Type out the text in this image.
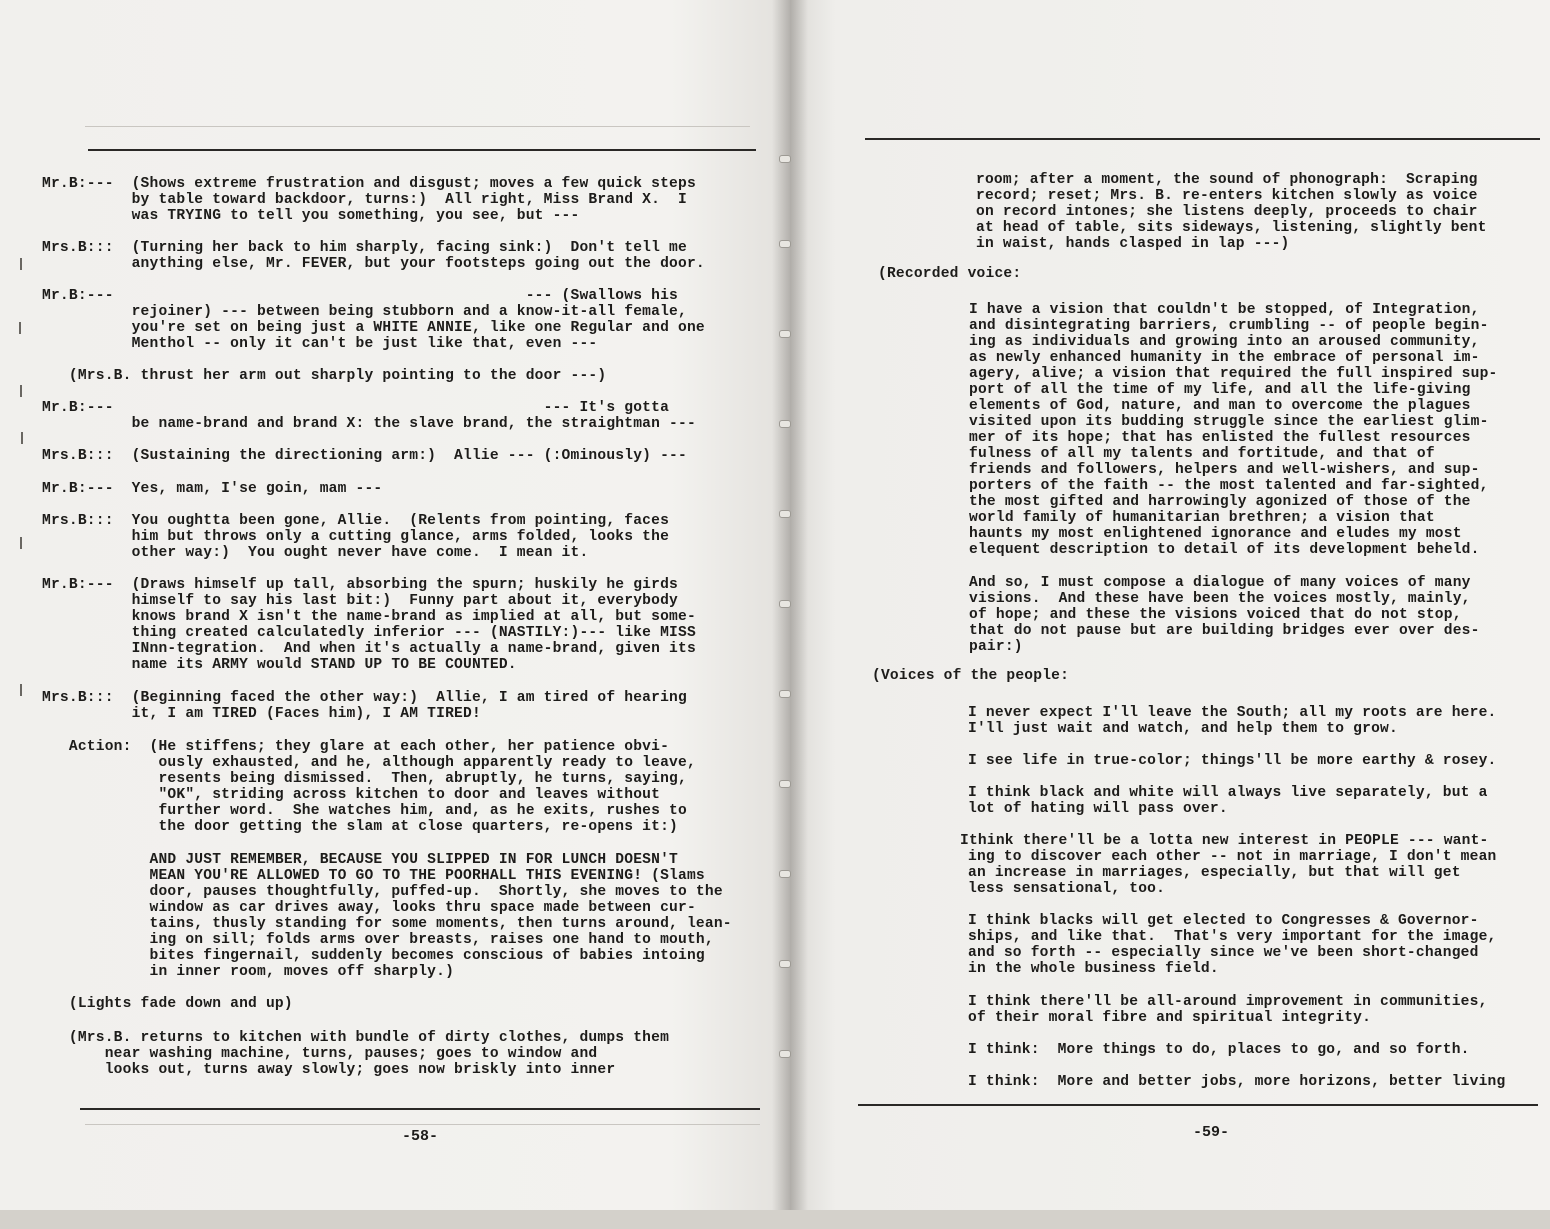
Mr.B:---  (Shows extreme frustration and disgust; moves a few quick steps
by table toward backdoor, turns:)  All right, Miss Brand X.  I
was TRYING to tell you something, you see, but ---
Mrs.B:::  (Turning her back to him sharply, facing sink:)  Don't tell me
anything else, Mr. FEVER, but your footsteps going out the door.
Mr.B:---                                              --- (Swallows his
rejoiner) --- between being stubborn and a know-it-all female,
you're set on being just a WHITE ANNIE, like one Regular and one
Menthol -- only it can't be just like that, even ---
(Mrs.B. thrust her arm out sharply pointing to the door ---)
Mr.B:---                                                --- It's gotta
be name-brand and brand X: the slave brand, the straightman ---
Mrs.B:::  (Sustaining the directioning arm:)  Allie --- (:Ominously) ---
Mr.B:---  Yes, mam, I'se goin, mam ---
Mrs.B:::  You oughtta been gone, Allie.  (Relents from pointing, faces
him but throws only a cutting glance, arms folded, looks the
other way:)  You ought never have come.  I mean it.
Mr.B:---  (Draws himself up tall, absorbing the spurn; huskily he girds
himself to say his last bit:)  Funny part about it, everybody
knows brand X isn't the name-brand as implied at all, but some-
thing created calculatedly inferior --- (NASTILY:)--- like MISS
INnn-tegration.  And when it's actually a name-brand, given its
name its ARMY would STAND UP TO BE COUNTED.
Mrs.B:::  (Beginning faced the other way:)  Allie, I am tired of hearing
it, I am TIRED (Faces him), I AM TIRED!
Action:  (He stiffens; they glare at each other, her patience obvi-
ously exhausted, and he, although apparently ready to leave,
resents being dismissed.  Then, abruptly, he turns, saying,
"OK", striding across kitchen to door and leaves without
further word.  She watches him, and, as he exits, rushes to
the door getting the slam at close quarters, re-opens it:)
AND JUST REMEMBER, BECAUSE YOU SLIPPED IN FOR LUNCH DOESN'T
MEAN YOU'RE ALLOWED TO GO TO THE POORHALL THIS EVENING! (Slams
door, pauses thoughtfully, puffed-up.  Shortly, she moves to the
window as car drives away, looks thru space made between cur-
tains, thusly standing for some moments, then turns around, lean-
ing on sill; folds arms over breasts, raises one hand to mouth,
bites fingernail, suddenly becomes conscious of babies intoing
in inner room, moves off sharply.)
(Lights fade down and up)
(Mrs.B. returns to kitchen with bundle of dirty clothes, dumps them
near washing machine, turns, pauses; goes to window and
looks out, turns away slowly; goes now briskly into inner
-58-
room; after a moment, the sound of phonograph:  Scraping
record; reset; Mrs. B. re-enters kitchen slowly as voice
on record intones; she listens deeply, proceeds to chair
at head of table, sits sideways, listening, slightly bent
in waist, hands clasped in lap ---)
(Recorded voice:
I have a vision that couldn't be stopped, of Integration,
and disintegrating barriers, crumbling -- of people begin-
ing as individuals and growing into an aroused community,
as newly enhanced humanity in the embrace of personal im-
agery, alive; a vision that required the full inspired sup-
port of all the time of my life, and all the life-giving
elements of God, nature, and man to overcome the plagues
visited upon its budding struggle since the earliest glim-
mer of its hope; that has enlisted the fullest resources
fulness of all my talents and fortitude, and that of
friends and followers, helpers and well-wishers, and sup-
porters of the faith -- the most talented and far-sighted,
the most gifted and harrowingly agonized of those of the
world family of humanitarian brethren; a vision that
haunts my most enlightened ignorance and eludes my most
elequent description to detail of its development beheld.
And so, I must compose a dialogue of many voices of many
visions.  And these have been the voices mostly, mainly,
of hope; and these the visions voiced that do not stop,
that do not pause but are building bridges ever over des-
pair:)
(Voices of the people:
I never expect I'll leave the South; all my roots are here.
I'll just wait and watch, and help them to grow.
I see life in true-color; things'll be more earthy & rosey.
I think black and white will always live separately, but a
lot of hating will pass over.
Ithink there'll be a lotta new interest in PEOPLE --- want-
ing to discover each other -- not in marriage, I don't mean
an increase in marriages, especially, but that will get
less sensational, too.
I think blacks will get elected to Congresses & Governor-
ships, and like that.  That's very important for the image,
and so forth -- especially since we've been short-changed
in the whole business field.
I think there'll be all-around improvement in communities,
of their moral fibre and spiritual integrity.
I think:  More things to do, places to go, and so forth.
I think:  More and better jobs, more horizons, better living
-59-
